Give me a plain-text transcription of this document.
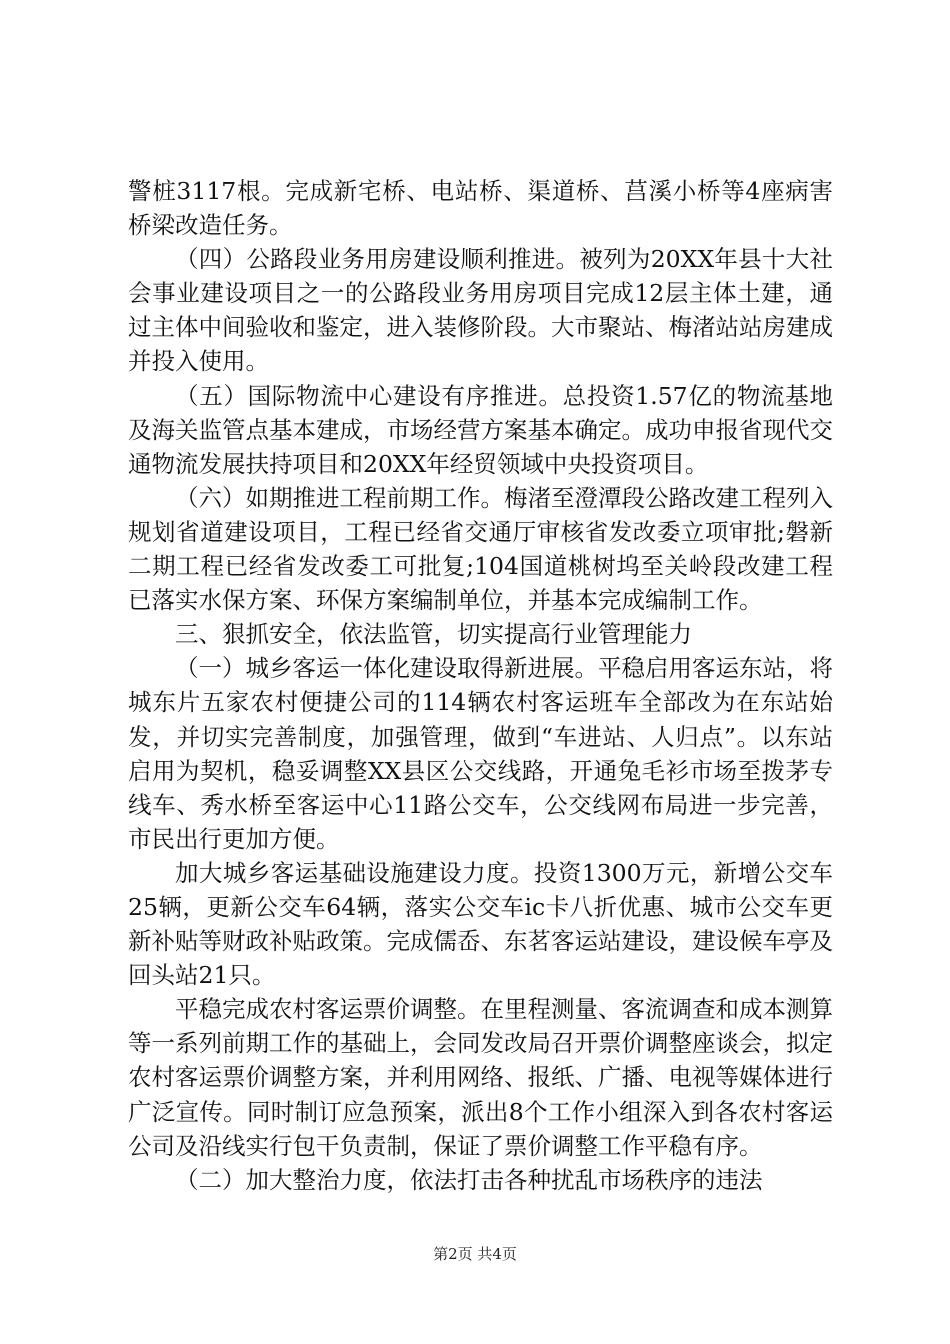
警桩3117根。完成新宅桥、电站桥、渠道桥、莒溪小桥等4座病害桥梁改造任务。

（四）公路段业务用房建设顺利推进。被列为20XX年县十大社会事业建设项目之一的公路段业务用房项目完成12层主体土建，通过主体中间验收和鉴定，进入装修阶段。大市聚站、梅渚站站房建成并投入使用。

（五）国际物流中心建设有序推进。总投资1.57亿的物流基地及海关监管点基本建成，市场经营方案基本确定。成功申报省现代交通物流发展扶持项目和20XX年经贸领域中央投资项目。

（六）如期推进工程前期工作。梅渚至澄潭段公路改建工程列入规划省道建设项目，工程已经省交通厅审核省发改委立项审批;磐新二期工程已经省发改委工可批复;104国道桃树坞至关岭段改建工程已落实水保方案、环保方案编制单位，并基本完成编制工作。

三、狠抓安全，依法监管，切实提高行业管理能力

（一）城乡客运一体化建设取得新进展。平稳启用客运东站，将城东片五家农村便捷公司的114辆农村客运班车全部改为在东站始发，并切实完善制度，加强管理，做到“车进站、人归点”。以东站启用为契机，稳妥调整XX县区公交线路，开通兔毛衫市场至拨茅专线车、秀水桥至客运中心11路公交车，公交线网布局进一步完善，市民出行更加方便。

加大城乡客运基础设施建设力度。投资1300万元，新增公交车25辆，更新公交车64辆，落实公交车ic卡八折优惠、城市公交车更新补贴等财政补贴政策。完成儒岙、东茗客运站建设，建设候车亭及回头站21只。

平稳完成农村客运票价调整。在里程测量、客流调查和成本测算等一系列前期工作的基础上，会同发改局召开票价调整座谈会，拟定农村客运票价调整方案，并利用网络、报纸、广播、电视等媒体进行广泛宣传。同时制订应急预案，派出8个工作小组深入到各农村客运公司及沿线实行包干负责制，保证了票价调整工作平稳有序。

（二）加大整治力度，依法打击各种扰乱市场秩序的违法

第2页 共4页
